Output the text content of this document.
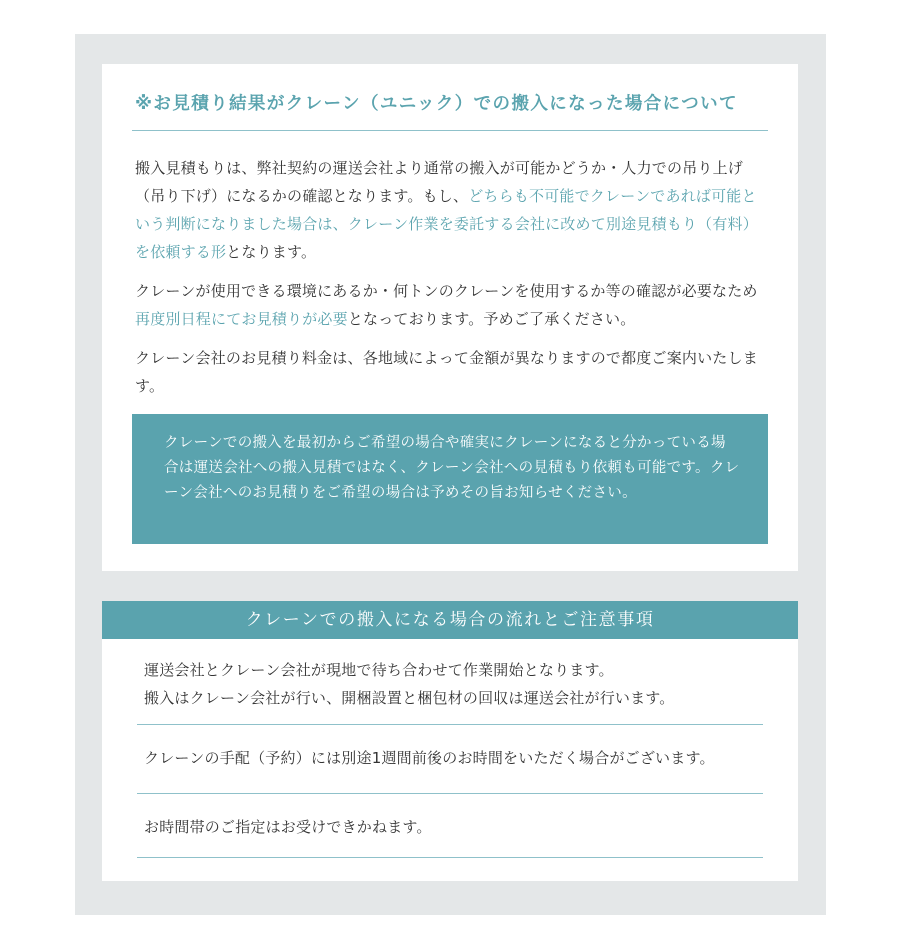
※お見積り結果がクレーン（ユニック）での搬入になった場合について

搬入見積もりは、弊社契約の運送会社より通常の搬入が可能かどうか・人力での吊り上げ（吊り下げ）になるかの確認となります。もし、どちらも不可能でクレーンであれば可能という判断になりました場合は、クレーン作業を委託する会社に改めて別途見積もり（有料）を依頼する形となります。

クレーンが使用できる環境にあるか・何トンのクレーンを使用するか等の確認が必要なため再度別日程にてお見積りが必要となっております。予めご了承ください。

クレーン会社のお見積り料金は、各地域によって金額が異なりますので都度ご案内いたします。

クレーンでの搬入を最初からご希望の場合や確実にクレーンになると分かっている場合は運送会社への搬入見積ではなく、クレーン会社への見積もり依頼も可能です。クレーン会社へのお見積りをご希望の場合は予めその旨お知らせください。
クレーンでの搬入になる場合の流れとご注意事項
運送会社とクレーン会社が現地で待ち合わせて作業開始となります。
搬入はクレーン会社が行い、開梱設置と梱包材の回収は運送会社が行います。
クレーンの手配（予約）には別途1週間前後のお時間をいただく場合がございます。
お時間帯のご指定はお受けできかねます。
